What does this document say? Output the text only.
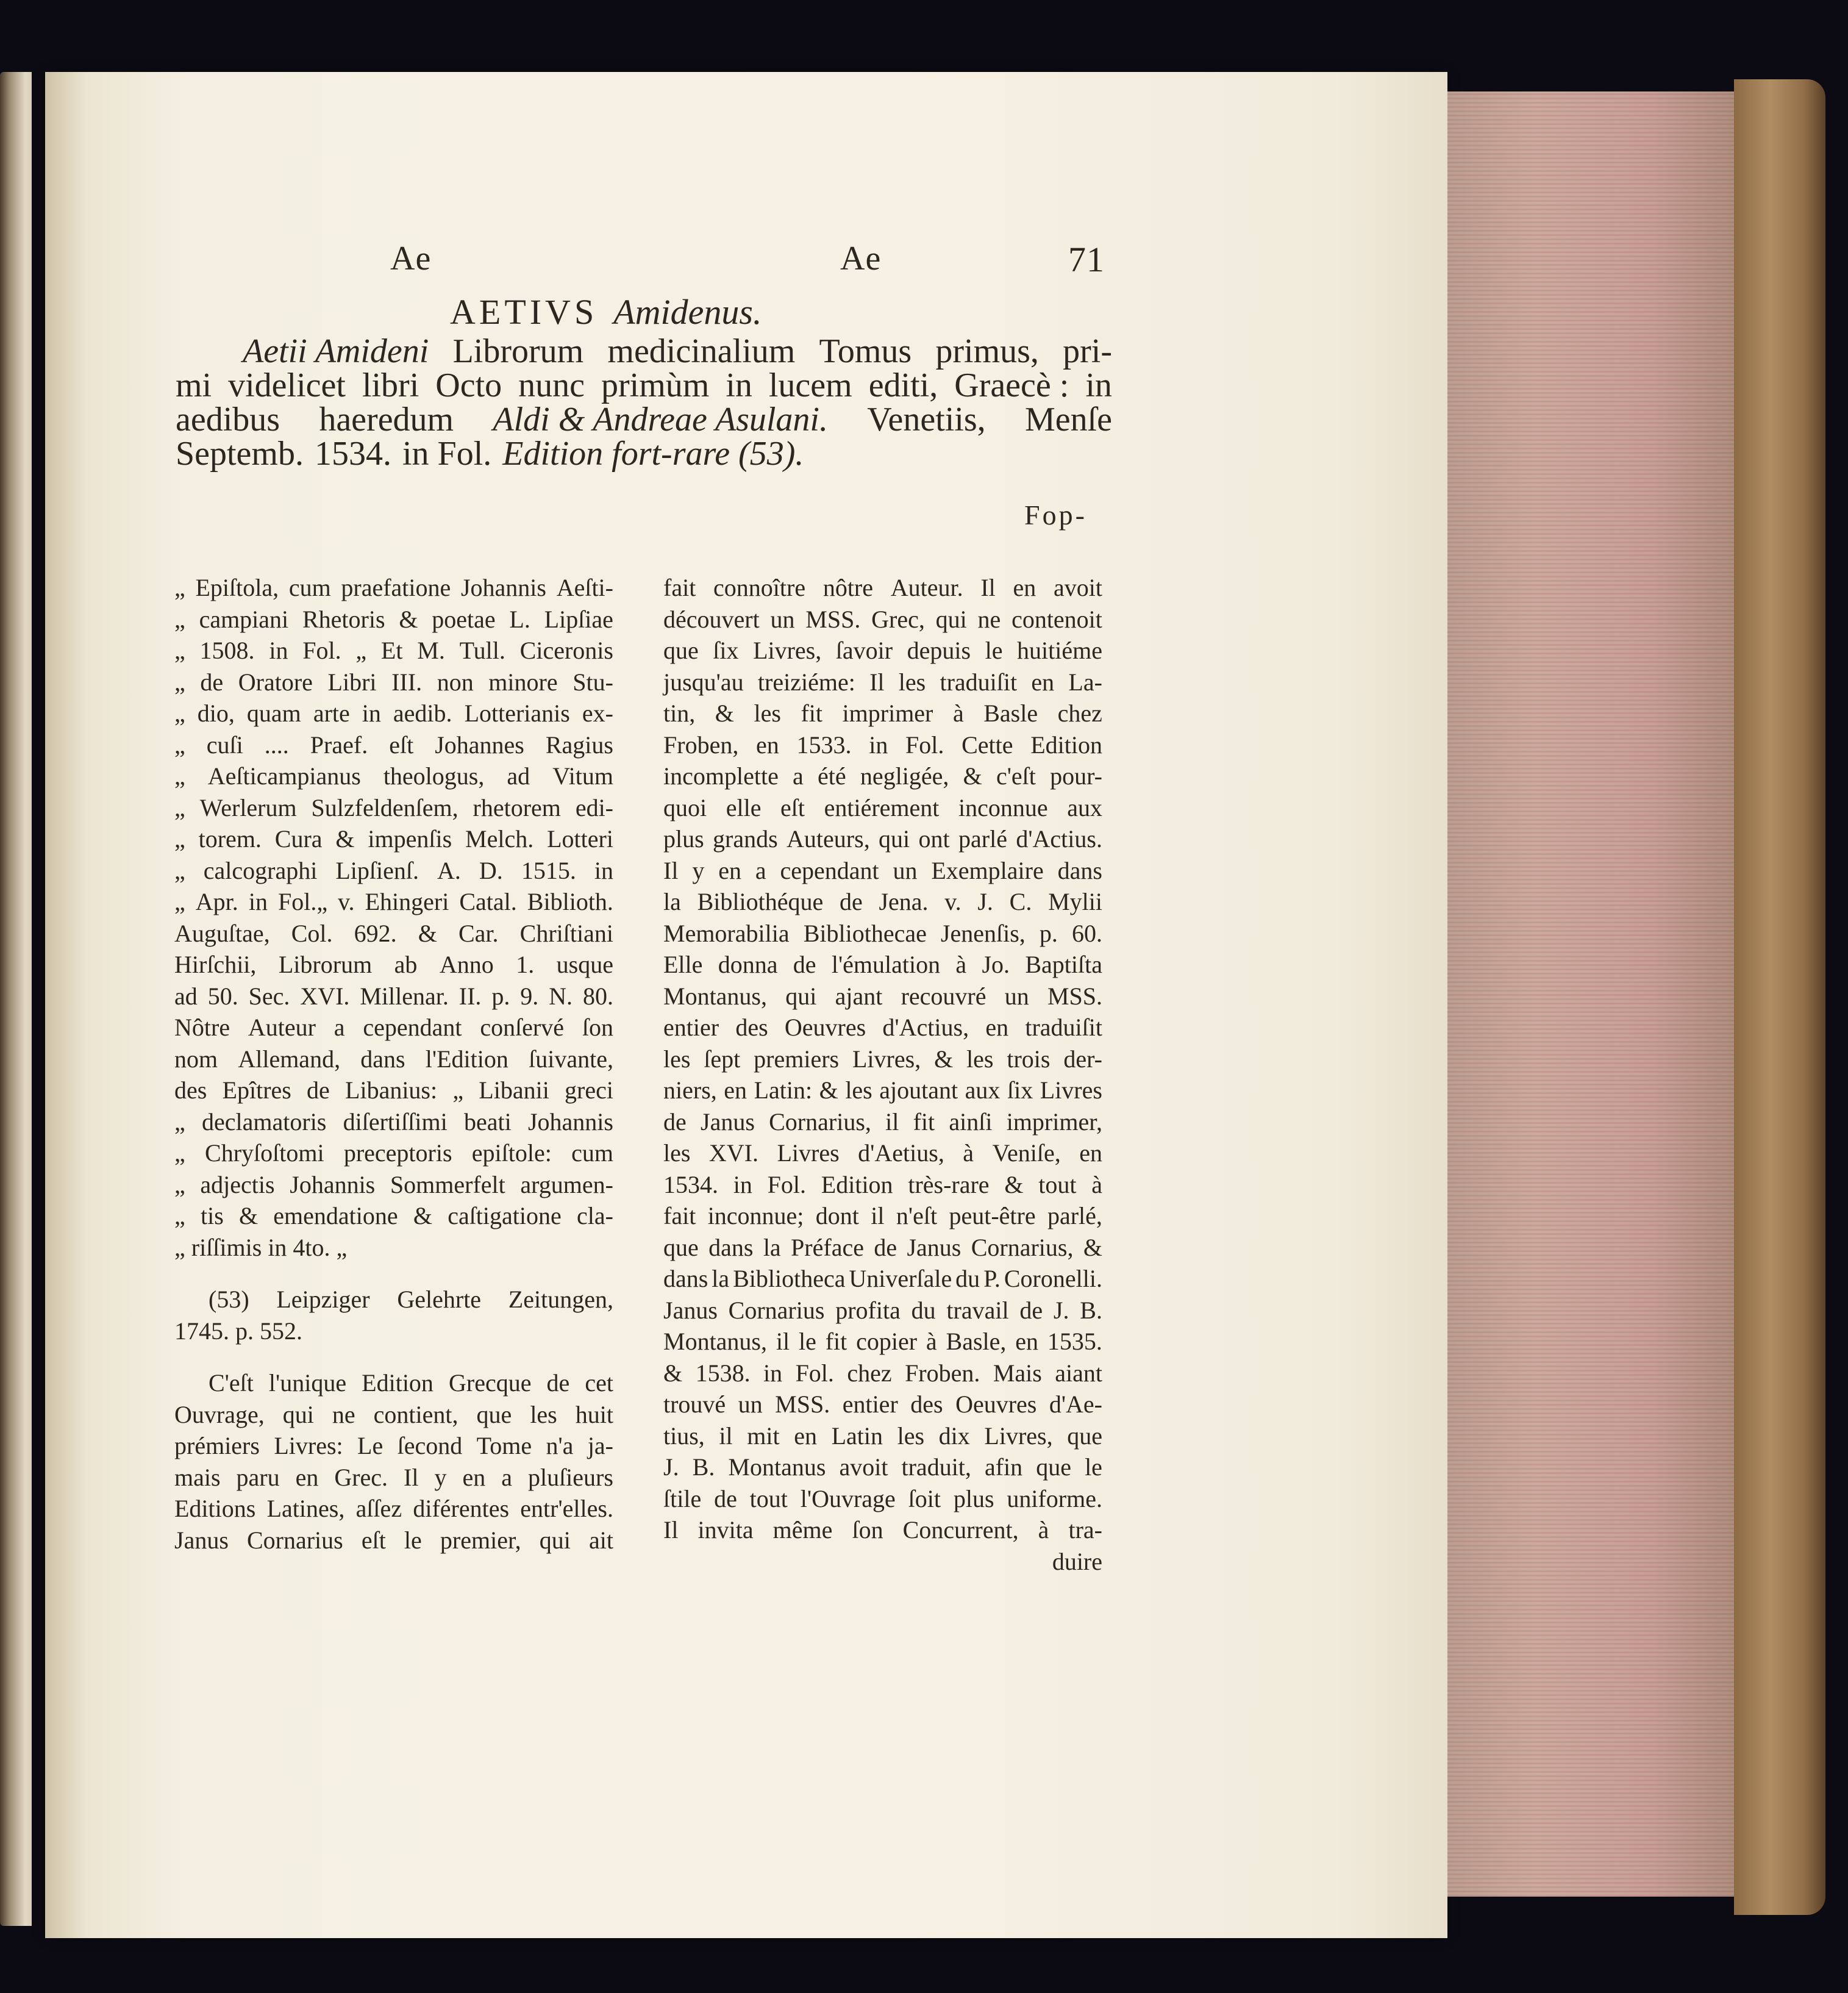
Ae	Ae	71
AETIVS Amidenus.
Aetii Amideni Librorum medicinalium Tomus primus, pri-
mi videlicet libri Octo nunc primùm in lucem editi, Graecè : in
aedibus haeredum Aldi & Andreae Asulani. Venetiis, Menſe
Septemb. 1534. in Fol. Edition fort-rare (53).
Fop-
„ Epiſtola, cum praefatione Johannis Aeſti-
„ campiani Rhetoris & poetae L. Lipſiae
„ 1508. in Fol. „ Et M. Tull. Ciceronis
„ de Oratore Libri III. non minore Stu-
„ dio, quam arte in aedib. Lotterianis ex-
„ cuſi .... Praef. eſt Johannes Ragius
„ Aeſticampianus theologus, ad Vitum
„ Werlerum Sulzfeldenſem, rhetorem edi-
„ torem. Cura & impenſis Melch. Lotteri
„ calcographi Lipſienſ. A. D. 1515. in
„ Apr. in Fol.„ v. Ehingeri Catal. Biblioth.
Auguſtae, Col. 692. & Car. Chriſtiani
Hirſchii, Librorum ab Anno 1. usque
ad 50. Sec. XVI. Millenar. II. p. 9. N. 80.
Nôtre Auteur a cependant conſervé ſon
nom Allemand, dans l'Edition ſuivante,
des Epîtres de Libanius: „ Libanii greci
„ declamatoris diſertiſſimi beati Johannis
„ Chryſoſtomi preceptoris epiſtole: cum
„ adjectis Johannis Sommerfelt argumen-
„ tis & emendatione & caſtigatione cla-
„ riſſimis in 4to. „
(53) Leipziger Gelehrte Zeitungen,
1745. p. 552.
C'eſt l'unique Edition Grecque de cet
Ouvrage, qui ne contient, que les huit
prémiers Livres: Le ſecond Tome n'a ja-
mais paru en Grec. Il y en a pluſieurs
Editions Latines, aſſez diférentes entr'elles.
Janus Cornarius eſt le premier, qui ait
fait connoître nôtre Auteur. Il en avoit
découvert un MSS. Grec, qui ne contenoit
que ſix Livres, ſavoir depuis le huitiéme
jusqu'au treiziéme: Il les traduiſit en La-
tin, & les fit imprimer à Basle chez
Froben, en 1533. in Fol. Cette Edition
incomplette a été negligée, & c'eſt pour-
quoi elle eſt entiérement inconnue aux
plus grands Auteurs, qui ont parlé d'Actius.
Il y en a cependant un Exemplaire dans
la Bibliothéque de Jena. v. J. C. Mylii
Memorabilia Bibliothecae Jenenſis, p. 60.
Elle donna de l'émulation à Jo. Baptiſta
Montanus, qui ajant recouvré un MSS.
entier des Oeuvres d'Actius, en traduiſit
les ſept premiers Livres, & les trois der-
niers, en Latin: & les ajoutant aux ſix Livres
de Janus Cornarius, il fit ainſi imprimer,
les XVI. Livres d'Aetius, à Veniſe, en
1534. in Fol. Edition très-rare & tout à
fait inconnue; dont il n'eſt peut-être parlé,
que dans la Préface de Janus Cornarius, &
dans la Bibliotheca Univerſale du P. Coronelli.
Janus Cornarius profita du travail de J. B.
Montanus, il le fit copier à Basle, en 1535.
& 1538. in Fol. chez Froben. Mais aiant
trouvé un MSS. entier des Oeuvres d'Ae-
tius, il mit en Latin les dix Livres, que
J. B. Montanus avoit traduit, afin que le
ſtile de tout l'Ouvrage ſoit plus uniforme.
Il invita même ſon Concurrent, à tra-
duire
